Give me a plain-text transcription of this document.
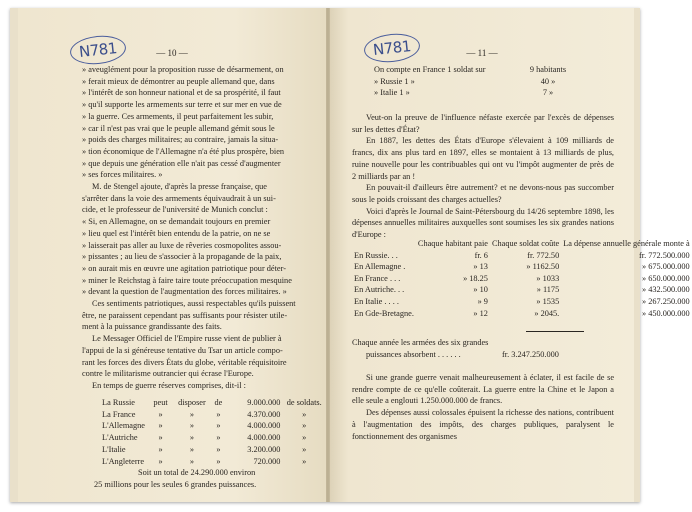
N781	— 10 —

» aveuglément pour la proposition russe de désarmement, on

» ferait mieux de démontrer au peuple allemand que, dans

» l'intérêt de son honneur national et de sa prospérité, il faut

» qu'il supporte les armements sur terre et sur mer en vue de

» la guerre. Ces armements, il peut parfaitement les subir,

» car il n'est pas vrai que le peuple allemand gémit sous le

» poids des charges militaires; au contraire, jamais la situa-

» tion économique de l'Allemagne n'a été plus prospère, bien

» que depuis une génération elle n'ait pas cessé d'augmenter

» ses forces militaires. »

M. de Stengel ajoute, d'après la presse française, que

s'arrêter dans la voie des armements équivaudrait à un sui-

cide, et le professeur de l'université de Munich conclut :

« Si, en Allemagne, on se demandait toujours en premier

» lieu quel est l'intérêt bien entendu de la patrie, on ne se

» laisserait pas aller au luxe de rêveries cosmopolites assou-

» pissantes ; au lieu de s'associer à la propagande de la paix,

» on aurait mis en œuvre une agitation patriotique pour déter-

» miner le Reichstag à faire taire toute préoccupation mesquine

» devant la question de l'augmentation des forces militaires. »

Ces sentiments patriotiques, aussi respectables qu'ils puissent

être, ne paraissent cependant pas suffisants pour résister utile-

ment à la puissance grandissante des faits.

Le Messager Officiel de l'Empire russe vient de publier à

l'appui de la si généreuse tentative du Tsar un article compo-

rant les forces des divers États du globe, véritable réquisitoire

contre le militarisme outrancier qui écrase l'Europe.

En temps de guerre réserves comprises, dit-il :

La Russie	peut	disposer	de	9.000.000	de soldats.
La France	»	»	»	4.370.000	»
L'Allemagne	»	»	»	4.000.000	»
L'Autriche	»	»	»	4.000.000	»
L'Italie	»	»	»	3.200.000	»
L'Angleterre	»	»	»	720.000	»
Soit un total de 24.290.000 environ
25 millions pour les seules 6 grandes puissances.
N781	— 11 —
On compte en France 1 soldat sur	9 habitants
» Russie 1 »	40 »
» Italie 1 »	7 »

Veut-on la preuve de l'influence néfaste exercée par l'excès de dépenses sur les dettes d'État?

En 1887, les dettes des États d'Europe s'élevaient à 109 milliards de francs, dix ans plus tard en 1897, elles se montaient à 13 milliards de plus, ruine nouvelle pour les contribuables qui ont vu l'impôt augmenter de près de 2 milliards par an !

En pouvait-il d'ailleurs être autrement? et ne devons-nous pas succomber sous le poids croissant des charges actuelles?

Voici d'après le Journal de Saint-Pétersbourg du 14/26 septembre 1898, les dépenses annuelles militaires auxquelles sont soumises les six grandes nations d'Europe :

	Chaque habitant paie	Chaque soldat coûte	La dépense annuelle générale monte à
En Russie. . .	fr. 6	fr. 772.50	fr. 772.500.000
En Allemagne .	» 13	» 1162.50	» 675.000.000
En France . . .	» 18.25	» 1033	» 650.000.000
En Autriche. . .	» 10	» 1175	» 432.500.000
En Italie . . . .	» 9	» 1535	» 267.250.000
En Gde-Bretagne.	» 12	» 2045.	» 450.000.000
Chaque année les armées des six grandes
puissances absorbent . . . . . .	fr. 3.247.250.000

Si une grande guerre venait malheureusement à éclater, il est facile de se rendre compte de ce qu'elle coûterait. La guerre entre la Chine et le Japon a elle seule a englouti 1.250.000.000 de francs.

Des dépenses aussi colossales épuisent la richesse des nations, contribuent à l'augmentation des impôts, des charges publiques, paralysent le fonctionnement des organismes
